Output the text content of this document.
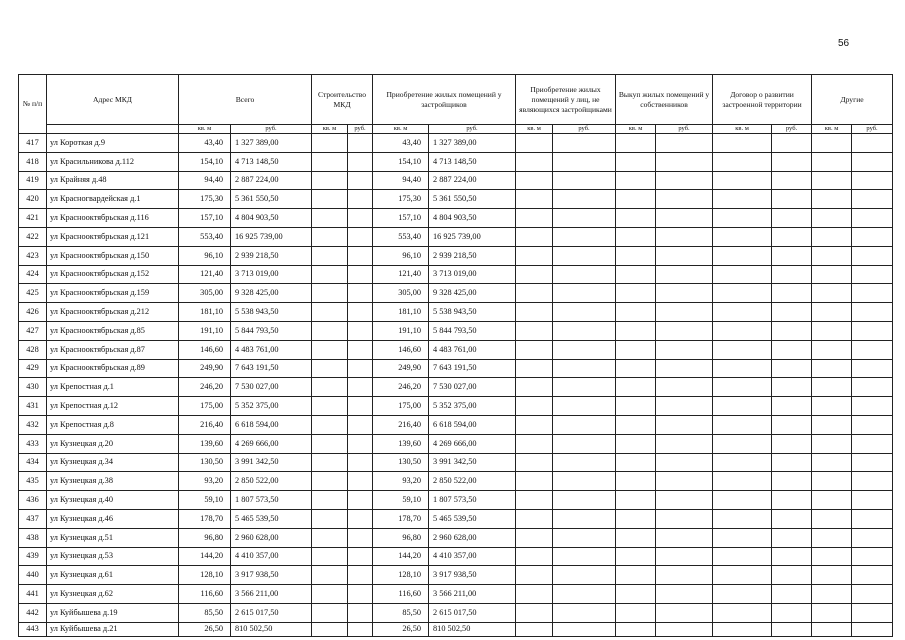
56
№ п/п	Адрес МКД	Всего		Строительство МКД		Приобретение жилых помещений у застройщиков		Приобретение жилых помещений у лиц, не являющихся застройщиками		Выкуп жилых помещений у собственников		Договор о развитии застроенной территории		Другие	
		кв. м	руб.	кв. м	руб.	кв. м	руб.	кв. м	руб.	кв. м	руб.	кв. м	руб.	кв. м	руб.
417	ул Короткая д.9	43,40	1 327 389,00			43,40	1 327 389,00								
418	ул Красильникова д.112	154,10	4 713 148,50			154,10	4 713 148,50								
419	ул Крайняя д.48	94,40	2 887 224,00			94,40	2 887 224,00								
420	ул Красногвардейская д.1	175,30	5 361 550,50			175,30	5 361 550,50								
421	ул Краснооктябрьская д.116	157,10	4 804 903,50			157,10	4 804 903,50								
422	ул Краснооктябрьская д.121	553,40	16 925 739,00			553,40	16 925 739,00								
423	ул Краснооктябрьская д.150	96,10	2 939 218,50			96,10	2 939 218,50								
424	ул Краснооктябрьская д.152	121,40	3 713 019,00			121,40	3 713 019,00								
425	ул Краснооктябрьская д.159	305,00	9 328 425,00			305,00	9 328 425,00								
426	ул Краснооктябрьская д.212	181,10	5 538 943,50			181,10	5 538 943,50								
427	ул Краснооктябрьская д.85	191,10	5 844 793,50			191,10	5 844 793,50								
428	ул Краснооктябрьская д.87	146,60	4 483 761,00			146,60	4 483 761,00								
429	ул Краснооктябрьская д.89	249,90	7 643 191,50			249,90	7 643 191,50								
430	ул Крепостная д.1	246,20	7 530 027,00			246,20	7 530 027,00								
431	ул Крепостная д.12	175,00	5 352 375,00			175,00	5 352 375,00								
432	ул Крепостная д.8	216,40	6 618 594,00			216,40	6 618 594,00								
433	ул Кузнецкая д.20	139,60	4 269 666,00			139,60	4 269 666,00								
434	ул Кузнецкая д.34	130,50	3 991 342,50			130,50	3 991 342,50								
435	ул Кузнецкая д.38	93,20	2 850 522,00			93,20	2 850 522,00								
436	ул Кузнецкая д.40	59,10	1 807 573,50			59,10	1 807 573,50								
437	ул Кузнецкая д.46	178,70	5 465 539,50			178,70	5 465 539,50								
438	ул Кузнецкая д.51	96,80	2 960 628,00			96,80	2 960 628,00								
439	ул Кузнецкая д.53	144,20	4 410 357,00			144,20	4 410 357,00								
440	ул Кузнецкая д.61	128,10	3 917 938,50			128,10	3 917 938,50								
441	ул Кузнецкая д.62	116,60	3 566 211,00			116,60	3 566 211,00								
442	ул Куйбышева д.19	85,50	2 615 017,50			85,50	2 615 017,50								
443	ул Куйбышева д.21	26,50	810 502,50			26,50	810 502,50								
